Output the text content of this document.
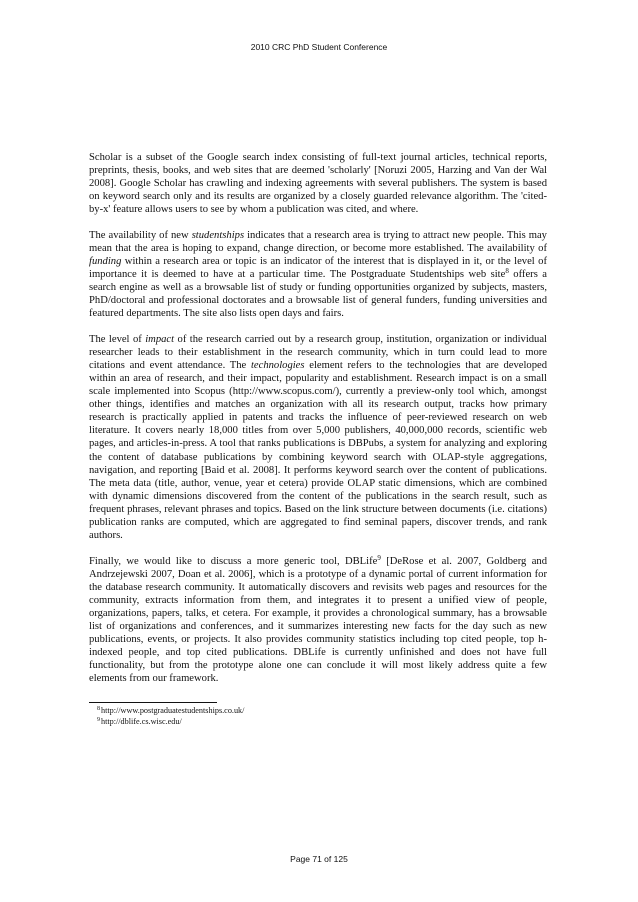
2010 CRC PhD Student Conference

Scholar is a subset of the Google search index consisting of full-text journal articles, technical reports, preprints, thesis, books, and web sites that are deemed 'scholarly' [Noruzi 2005, Harzing and Van der Wal 2008]. Google Scholar has crawling and indexing agreements with several publishers. The system is based on keyword search only and its results are organized by a closely guarded relevance algorithm. The 'cited-by-x' feature allows users to see by whom a publication was cited, and where.

The availability of new studentships indicates that a research area is trying to attract new people. This may mean that the area is hoping to expand, change direction, or become more established. The availability of funding within a research area or topic is an indicator of the interest that is displayed in it, or the level of importance it is deemed to have at a particular time. The Postgraduate Studentships web site$^8$ offers a search engine as well as a browsable list of study or funding opportunities organized by subjects, masters, PhD/doctoral and professional doctorates and a browsable list of general funders, funding universities and featured departments. The site also lists open days and fairs.

The level of impact of the research carried out by a research group, institution, organization or individual researcher leads to their establishment in the research community, which in turn could lead to more citations and event attendance. The technologies element refers to the technologies that are developed within an area of research, and their impact, popularity and establishment. Research impact is on a small scale implemented into Scopus (http://www.scopus.com/), currently a preview-only tool which, amongst other things, identifies and matches an organization with all its research output, tracks how primary research is practically applied in patents and tracks the influence of peer-reviewed research on web literature. It covers nearly 18,000 titles from over 5,000 publishers, 40,000,000 records, scientific web pages, and articles-in-press. A tool that ranks publications is DBPubs, a system for analyzing and exploring the content of database publications by combining keyword search with OLAP-style aggregations, navigation, and reporting [Baid et al. 2008]. It performs keyword search over the content of publications. The meta data (title, author, venue, year et cetera) provide OLAP static dimensions, which are combined with dynamic dimensions discovered from the content of the publications in the search result, such as frequent phrases, relevant phrases and topics. Based on the link structure between documents (i.e. citations) publication ranks are computed, which are aggregated to find seminal papers, discover trends, and rank authors.

Finally, we would like to discuss a more generic tool, DBLife$^9$ [DeRose et al. 2007, Goldberg and Andrzejewski 2007, Doan et al. 2006], which is a prototype of a dynamic portal of current information for the database research community. It automatically discovers and revisits web pages and resources for the community, extracts information from them, and integrates it to present a unified view of people, organizations, papers, talks, et cetera. For example, it provides a chronological summary, has a browsable list of organizations and conferences, and it summarizes interesting new facts for the day such as new publications, events, or projects. It also provides community statistics including top cited people, top h-indexed people, and top cited publications. DBLife is currently unfinished and does not have full functionality, but from the prototype alone one can conclude it will most likely address quite a few elements from our framework.

$^8$http://www.postgraduatestudentships.co.uk/
$^9$http://dblife.cs.wisc.edu/
Page 71 of 125
